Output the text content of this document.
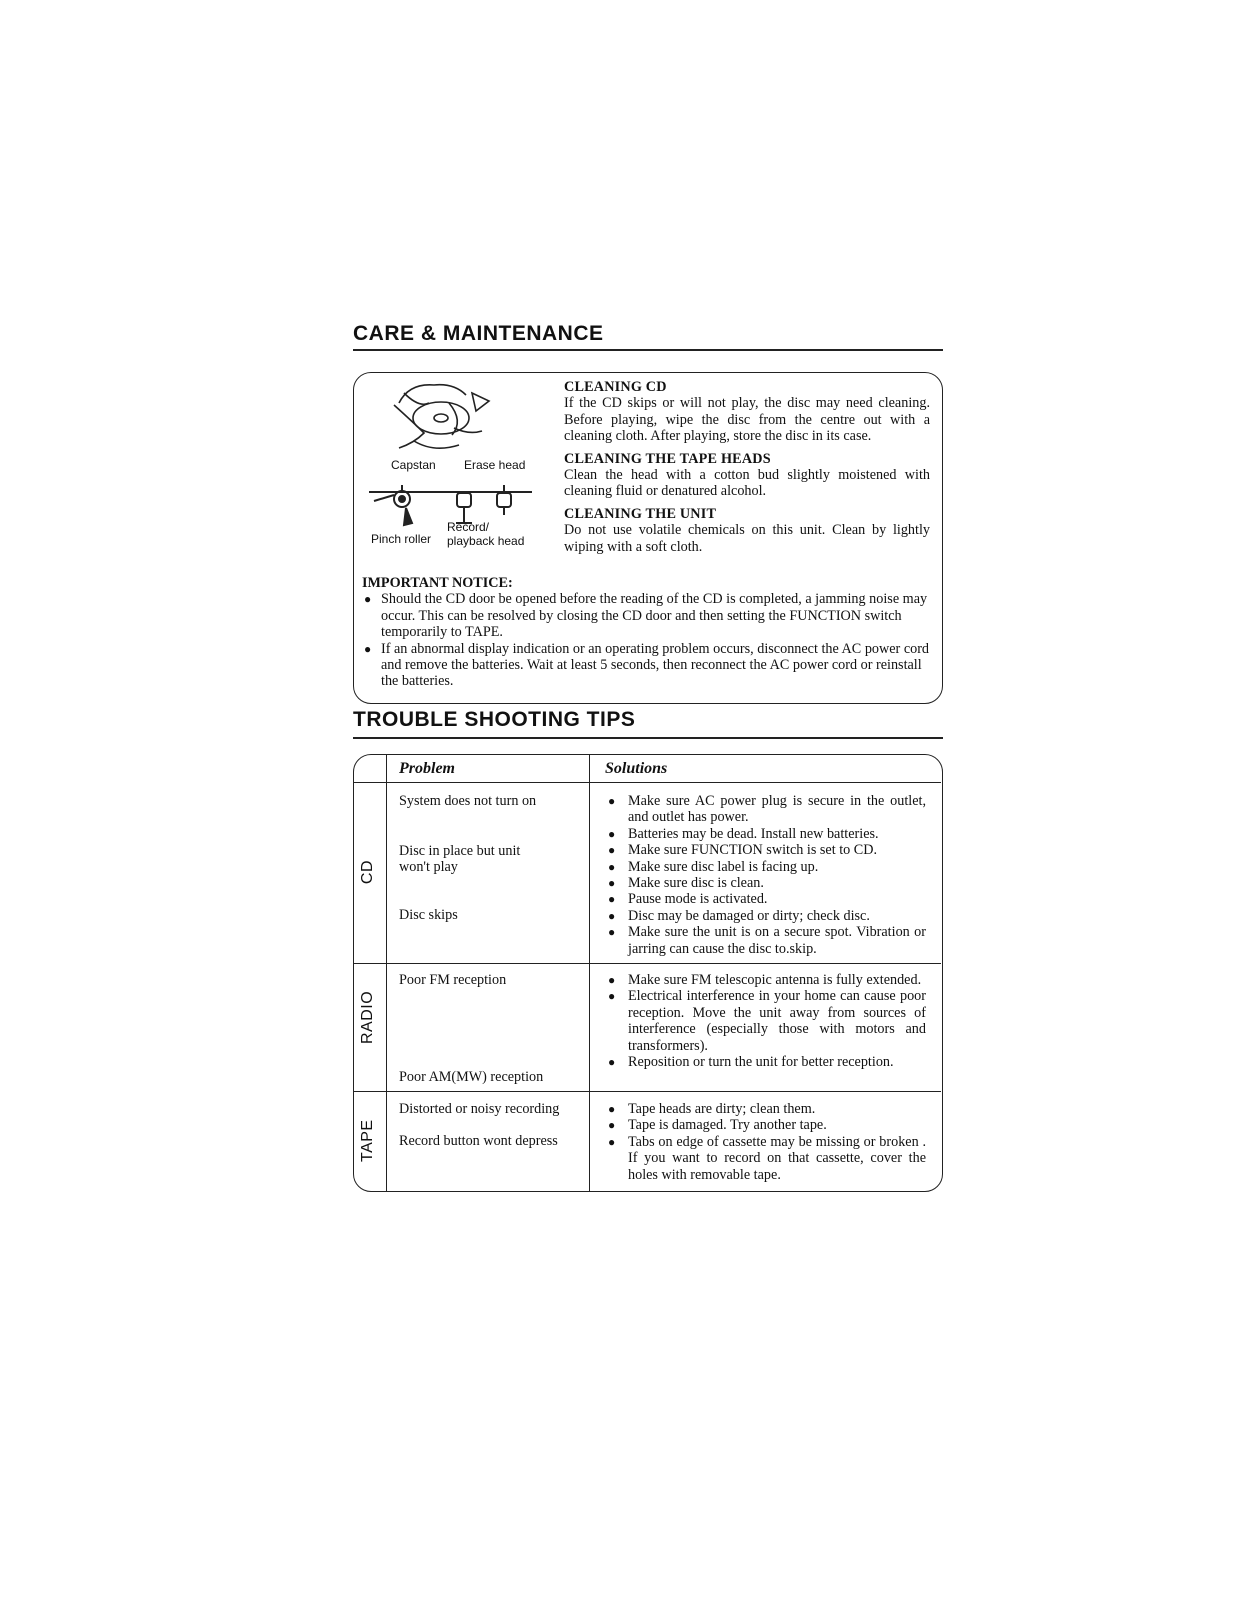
CARE & MAINTENANCE
Capstan Erase head
Record/
Pinch roller playback head

CLEANING CD

If the CD skips or will not play, the disc may need cleaning. Before playing, wipe the disc from the centre out with a cleaning cloth. After playing, store the disc in its case.

CLEANING THE TAPE HEADS

Clean the head with a cotton bud slightly moistened with cleaning fluid or denatured alcohol.

CLEANING THE UNIT

Do not use volatile chemicals on this unit. Clean by lightly wiping with a soft cloth.

IMPORTANT NOTICE:

● Should the CD door be opened before the reading of the CD is completed, a jamming noise may occur. This can be resolved by closing the CD door and then setting the FUNCTION switch temporarily to TAPE.
● If an abnormal display indication or an operating problem occurs, disconnect the AC power cord and remove the batteries. Wait at least 5 seconds, then reconnect the AC power cord or reinstall the batteries.
TROUBLE SHOOTING TIPS
Problem	Solutions
CD
System does not turn on
Disc in place but unit won't play
Disc skips
● Make sure AC power plug is secure in the outlet, and outlet has power.
● Batteries may be dead. Install new batteries.
● Make sure FUNCTION switch is set to CD.
● Make sure disc label is facing up.
● Make sure disc is clean.
● Pause mode is activated.
● Disc may be damaged or dirty; check disc.
● Make sure the unit is on a secure spot. Vibration or jarring can cause the disc to.skip.
RADIO
Poor FM reception
Poor AM(MW) reception
● Make sure FM telescopic antenna is fully extended.
● Electrical interference in your home can cause poor reception. Move the unit away from sources of interference (especially those with motors and transformers).
● Reposition or turn the unit for better reception.
TAPE
Distorted or noisy recording
Record button wont depress
● Tape heads are dirty; clean them.
● Tape is damaged. Try another tape.
● Tabs on edge of cassette may be missing or broken . If you want to record on that cassette, cover the holes with removable tape.
